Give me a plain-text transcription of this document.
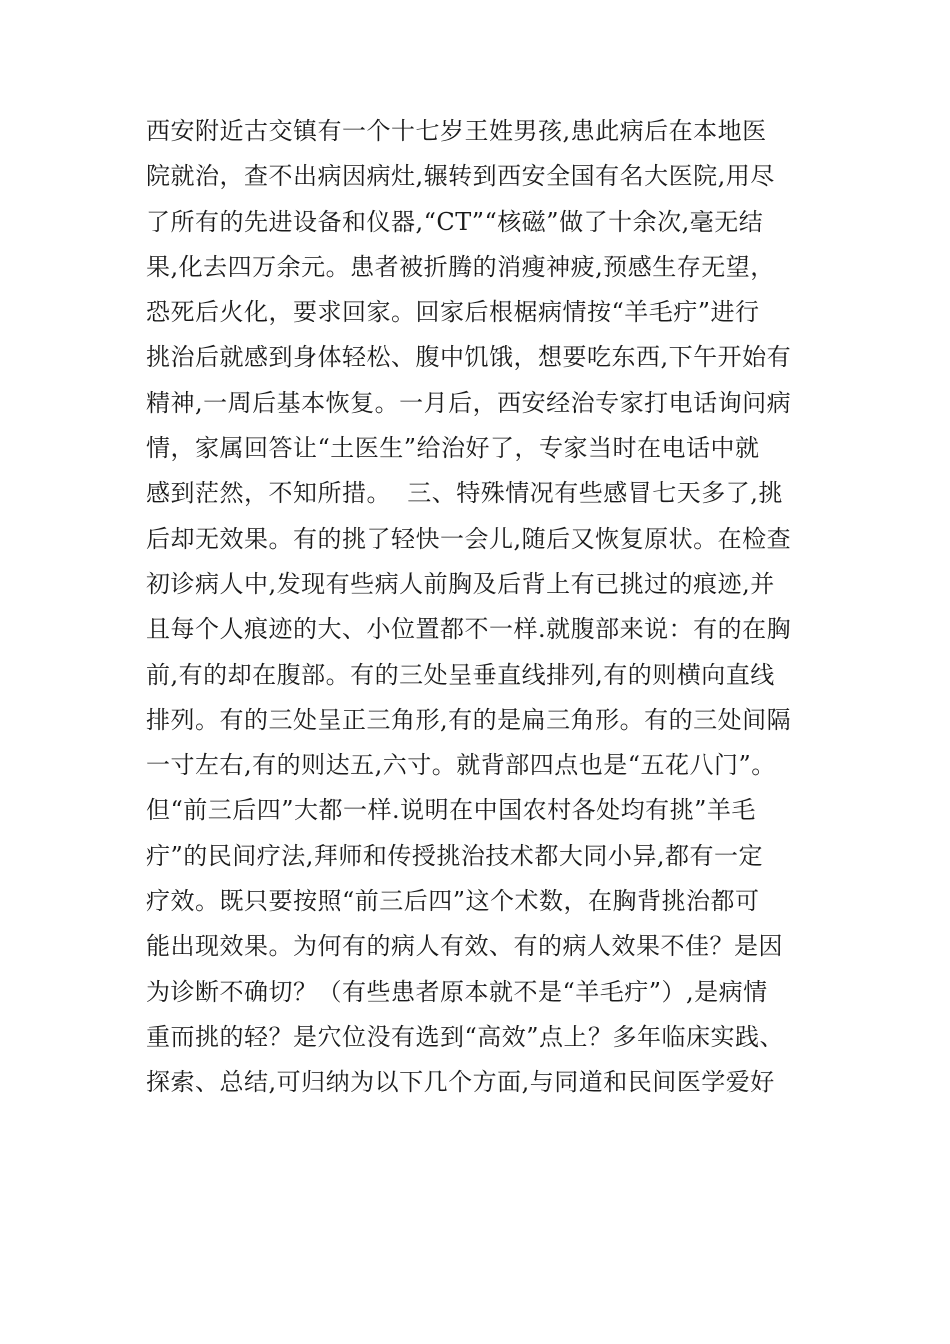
西安附近古交镇有一个十七岁王姓男孩,患此病后在本地医
院就治，查不出病因病灶,辗转到西安全国有名大医院,用尽
了所有的先进设备和仪器,“CT”“核磁”做了十余次,毫无结
果,化去四万余元。患者被折腾的消瘦神疲,预感生存无望，
恐死后火化，要求回家。回家后根椐病情按“羊毛疔”进行
挑治后就感到身体轻松、腹中饥饿，想要吃东西,下午开始有
精神,一周后基本恢复。一月后，西安经治专家打电话询问病
情，家属回答让“土医生”给治好了，专家当时在电话中就
感到茫然，不知所措。  三、特殊情况有些感冒七天多了,挑
后却无效果。有的挑了轻快一会儿,随后又恢复原状。在检查
初诊病人中,发现有些病人前胸及后背上有已挑过的痕迹,并
且每个人痕迹的大、小位置都不一样.就腹部来说：有的在胸
前,有的却在腹部。有的三处呈垂直线排列,有的则横向直线
排列。有的三处呈正三角形,有的是扁三角形。有的三处间隔
一寸左右,有的则达五,六寸。就背部四点也是“五花八门”。
但“前三后四”大都一样.说明在中国农村各处均有挑”羊毛
疔”的民间疗法,拜师和传授挑治技术都大同小异,都有一定
疗效。既只要按照“前三后四”这个术数，在胸背挑治都可
能出现效果。为何有的病人有效、有的病人效果不佳？是因
为诊断不确切？（有些患者原本就不是“羊毛疔”）,是病情
重而挑的轻？是穴位没有选到“高效”点上？多年临床实践、
探索、总结,可归纳为以下几个方面,与同道和民间医学爱好
